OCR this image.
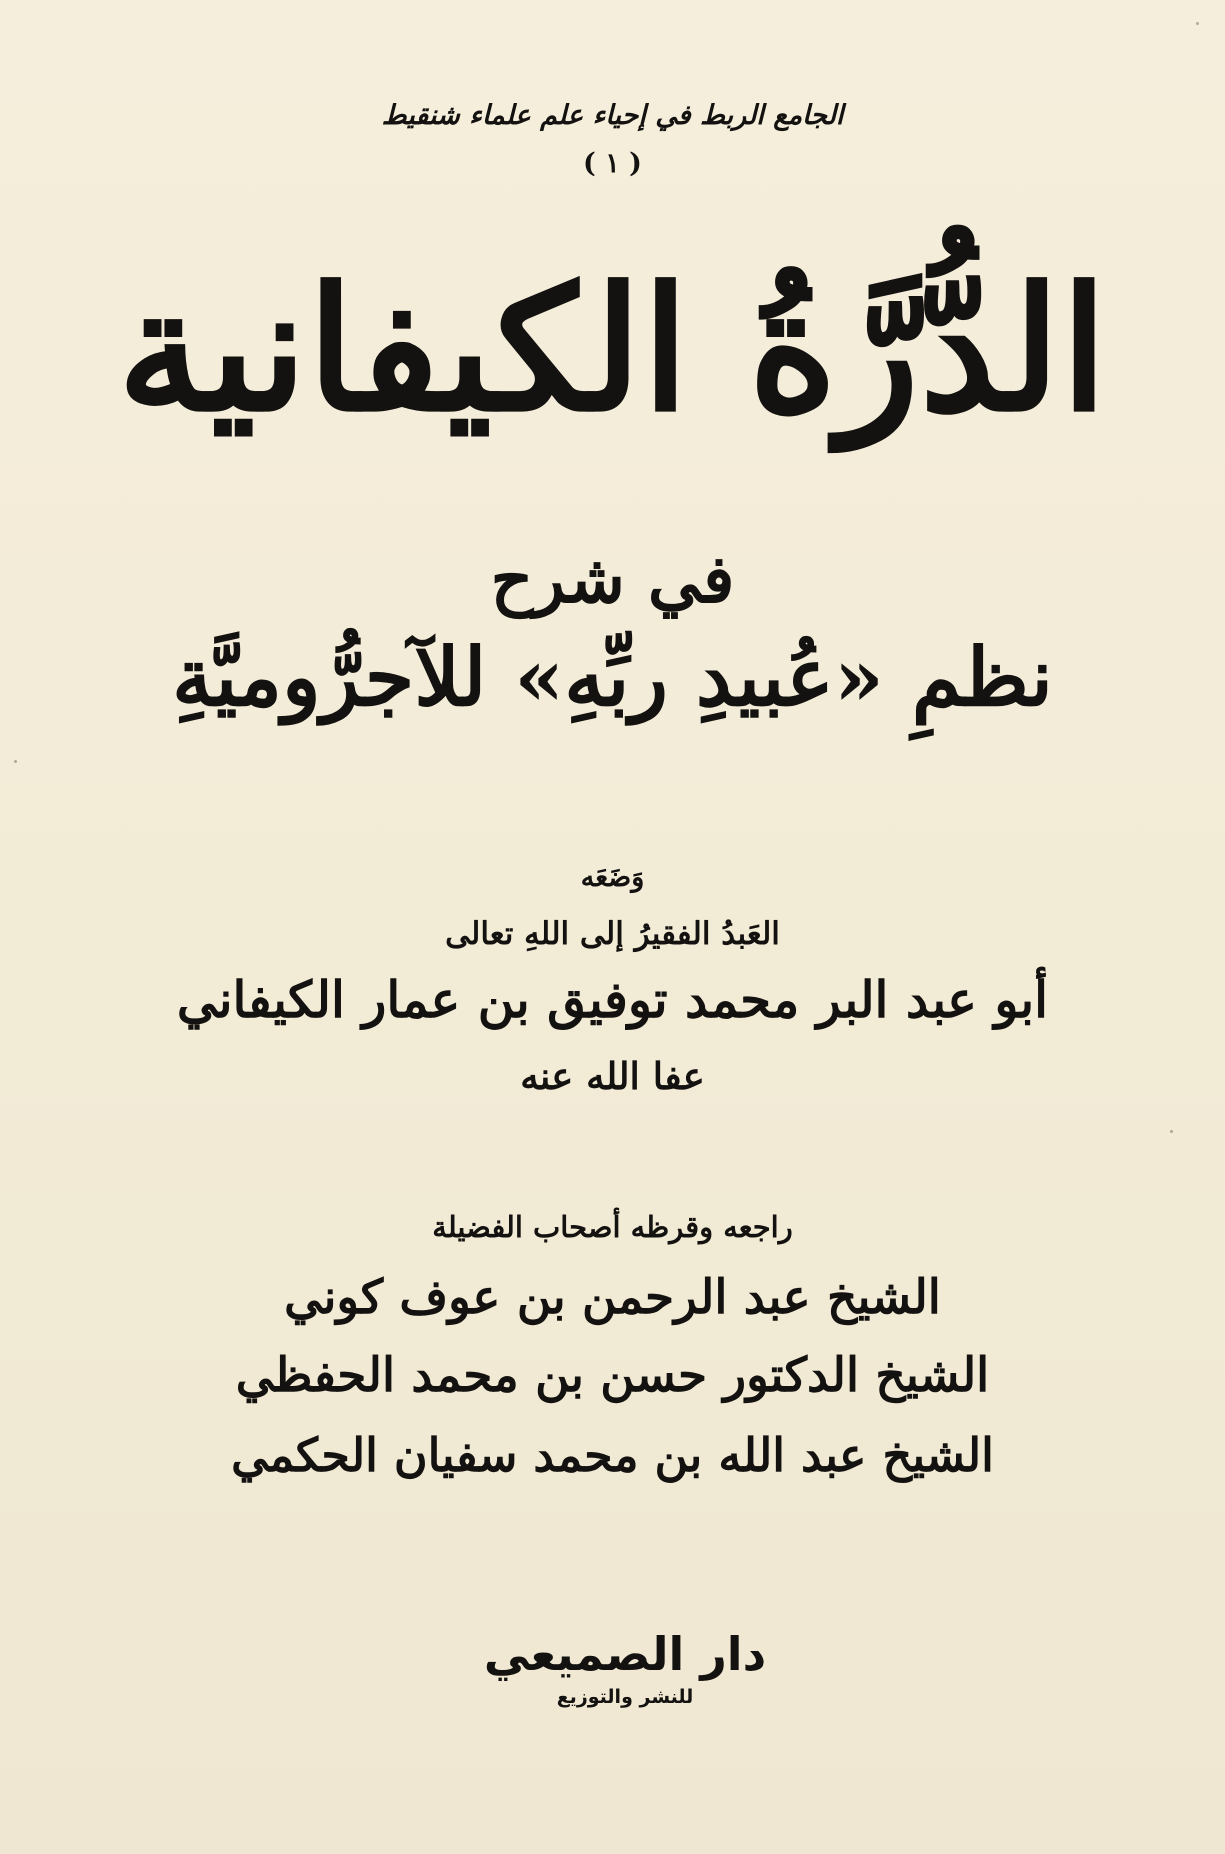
الجامع الربط في إحياء علم علماء شنقيط
( ١ )
الدُّرَّةُ الكيفانية
في شرح
نظمِ «عُبيدِ ربِّهِ» للآجرُّوميَّةِ
وَضَعَه
العَبدُ الفقيرُ إلى اللهِ تعالى
أبو عبد البر محمد توفيق بن عمار الكيفاني
عفا الله عنه
راجعه وقرظه أصحاب الفضيلة
الشيخ عبد الرحمن بن عوف كوني
الشيخ الدكتور حسن بن محمد الحفظي
الشيخ عبد الله بن محمد سفيان الحكمي
دار الصميعي
للنشر والتوزيع
